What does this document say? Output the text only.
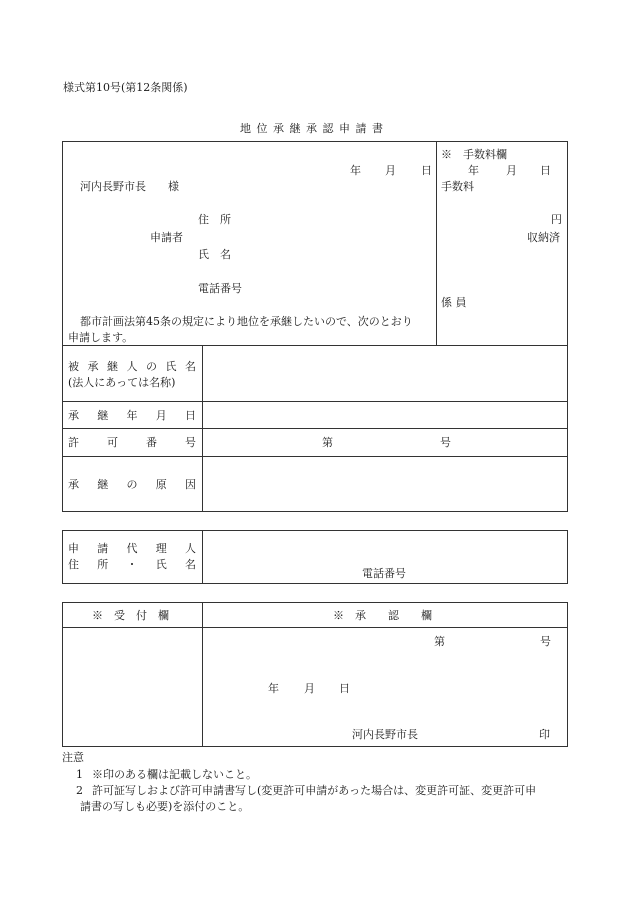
様式第10号(第12条関係)
地 位 承 継 承 認 申 請 書
年 月 日
河内長野市長　　様
住　所
申請者
氏　名
電話番号
都市計画法第45条の規定により地位を承継したいので、次のとおり
申請します。
※　手数料欄
年 月 日
手数料
円
収納済
係 員
被 承 継 人 の 氏 名
(法人にあっては名称)
承 継 年 月 日
許	可	番	号	第	号
承 継 の 原 因
申 請 代 理 人
住 所 ・ 氏 名
電話番号
※　受　付　欄	※　承　　認　　欄
第	号
年 月 日
河内長野市長	印
注意
1 ※印のある欄は記載しないこと。
2 許可証写しおよび許可申請書写し(変更許可申請があった場合は、変更許可証、変更許可申
請書の写しも必要)を添付のこと。
